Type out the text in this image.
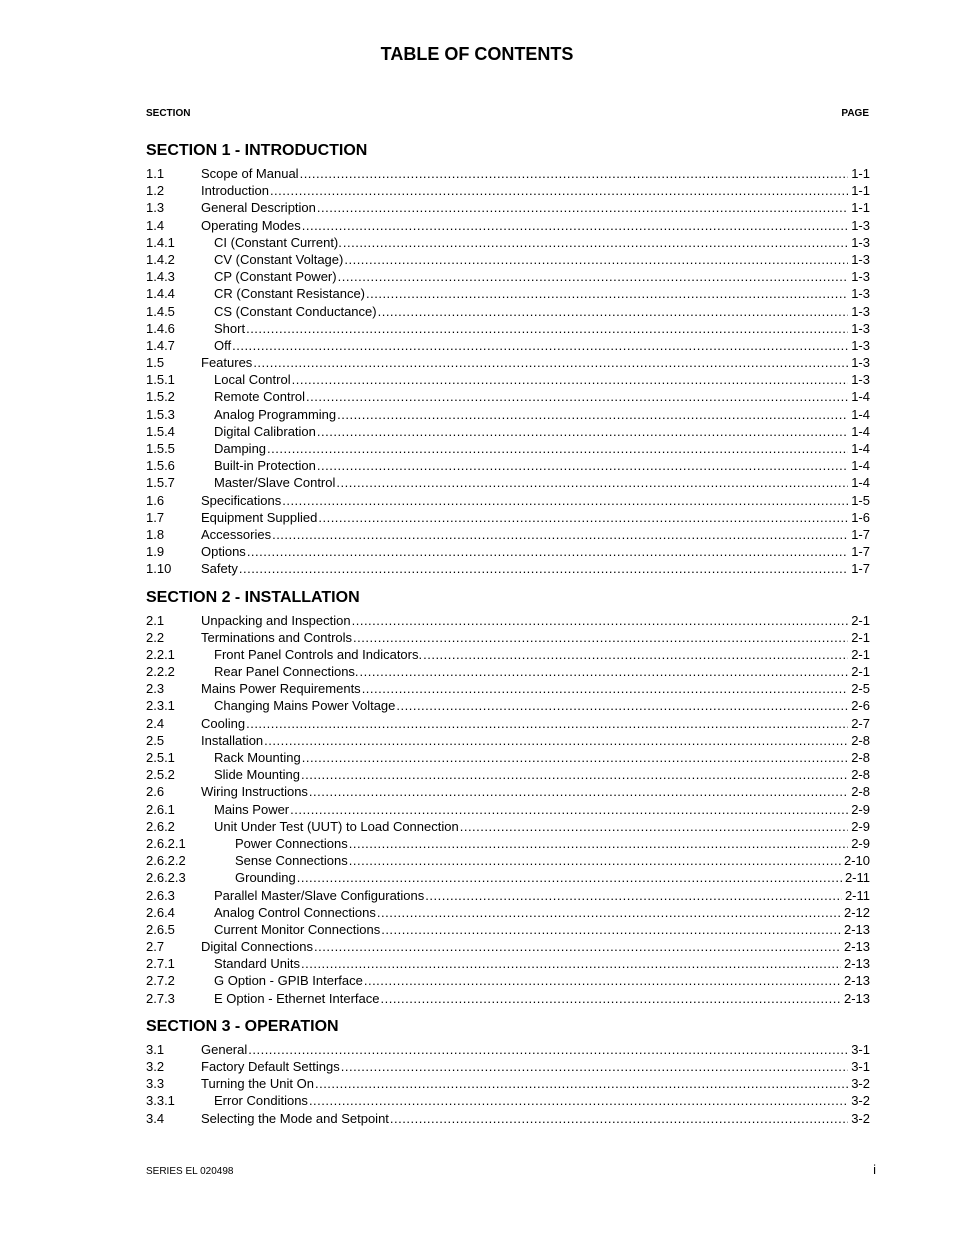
TABLE OF CONTENTS
SECTION	PAGE
SECTION 1 - INTRODUCTION
1.1	Scope of Manual .....	1-1
1.2	Introduction .....	1-1
1.3	General Description .....	1-1
1.4	Operating Modes .....	1-3
1.4.1	CI (Constant Current). .....	1-3
1.4.2	CV (Constant Voltage) .....	1-3
1.4.3	CP (Constant Power) .....	1-3
1.4.4	CR (Constant Resistance) .....	1-3
1.4.5	CS (Constant Conductance) .....	1-3
1.4.6	Short .....	1-3
1.4.7	Off .....	1-3
1.5	Features .....	1-3
1.5.1	Local Control .....	1-3
1.5.2	Remote Control .....	1-4
1.5.3	Analog Programming .....	1-4
1.5.4	Digital Calibration .....	1-4
1.5.5	Damping .....	1-4
1.5.6	Built-in Protection .....	1-4
1.5.7	Master/Slave Control .....	1-4
1.6	Specifications .....	1-5
1.7	Equipment Supplied .....	1-6
1.8	Accessories .....	1-7
1.9	Options .....	1-7
1.10	Safety .....	1-7
SECTION 2 - INSTALLATION
2.1	Unpacking and Inspection .....	2-1
2.2	Terminations and Controls .....	2-1
2.2.1	Front Panel Controls and Indicators. .....	2-1
2.2.2	Rear Panel Connections. .....	2-1
2.3	Mains Power Requirements .....	2-5
2.3.1	Changing Mains Power Voltage .....	2-6
2.4	Cooling .....	2-7
2.5	Installation .....	2-8
2.5.1	Rack Mounting .....	2-8
2.5.2	Slide Mounting .....	2-8
2.6	Wiring Instructions .....	2-8
2.6.1	Mains Power .....	2-9
2.6.2	Unit Under Test (UUT) to Load Connection .....	2-9
2.6.2.1	Power Connections .....	2-9
2.6.2.2	Sense Connections .....	2-10
2.6.2.3	Grounding .....	2-11
2.6.3	Parallel Master/Slave Configurations .....	2-11
2.6.4	Analog Control Connections .....	2-12
2.6.5	Current Monitor Connections .....	2-13
2.7	Digital Connections .....	2-13
2.7.1	Standard Units .....	2-13
2.7.2	G Option - GPIB Interface .....	2-13
2.7.3	E Option - Ethernet Interface .....	2-13
SECTION 3 - OPERATION
3.1	General .....	3-1
3.2	Factory Default Settings .....	3-1
3.3	Turning the Unit On .....	3-2
3.3.1	Error Conditions .....	3-2
3.4	Selecting the Mode and Setpoint .....	3-2
SERIES EL 020498	i
